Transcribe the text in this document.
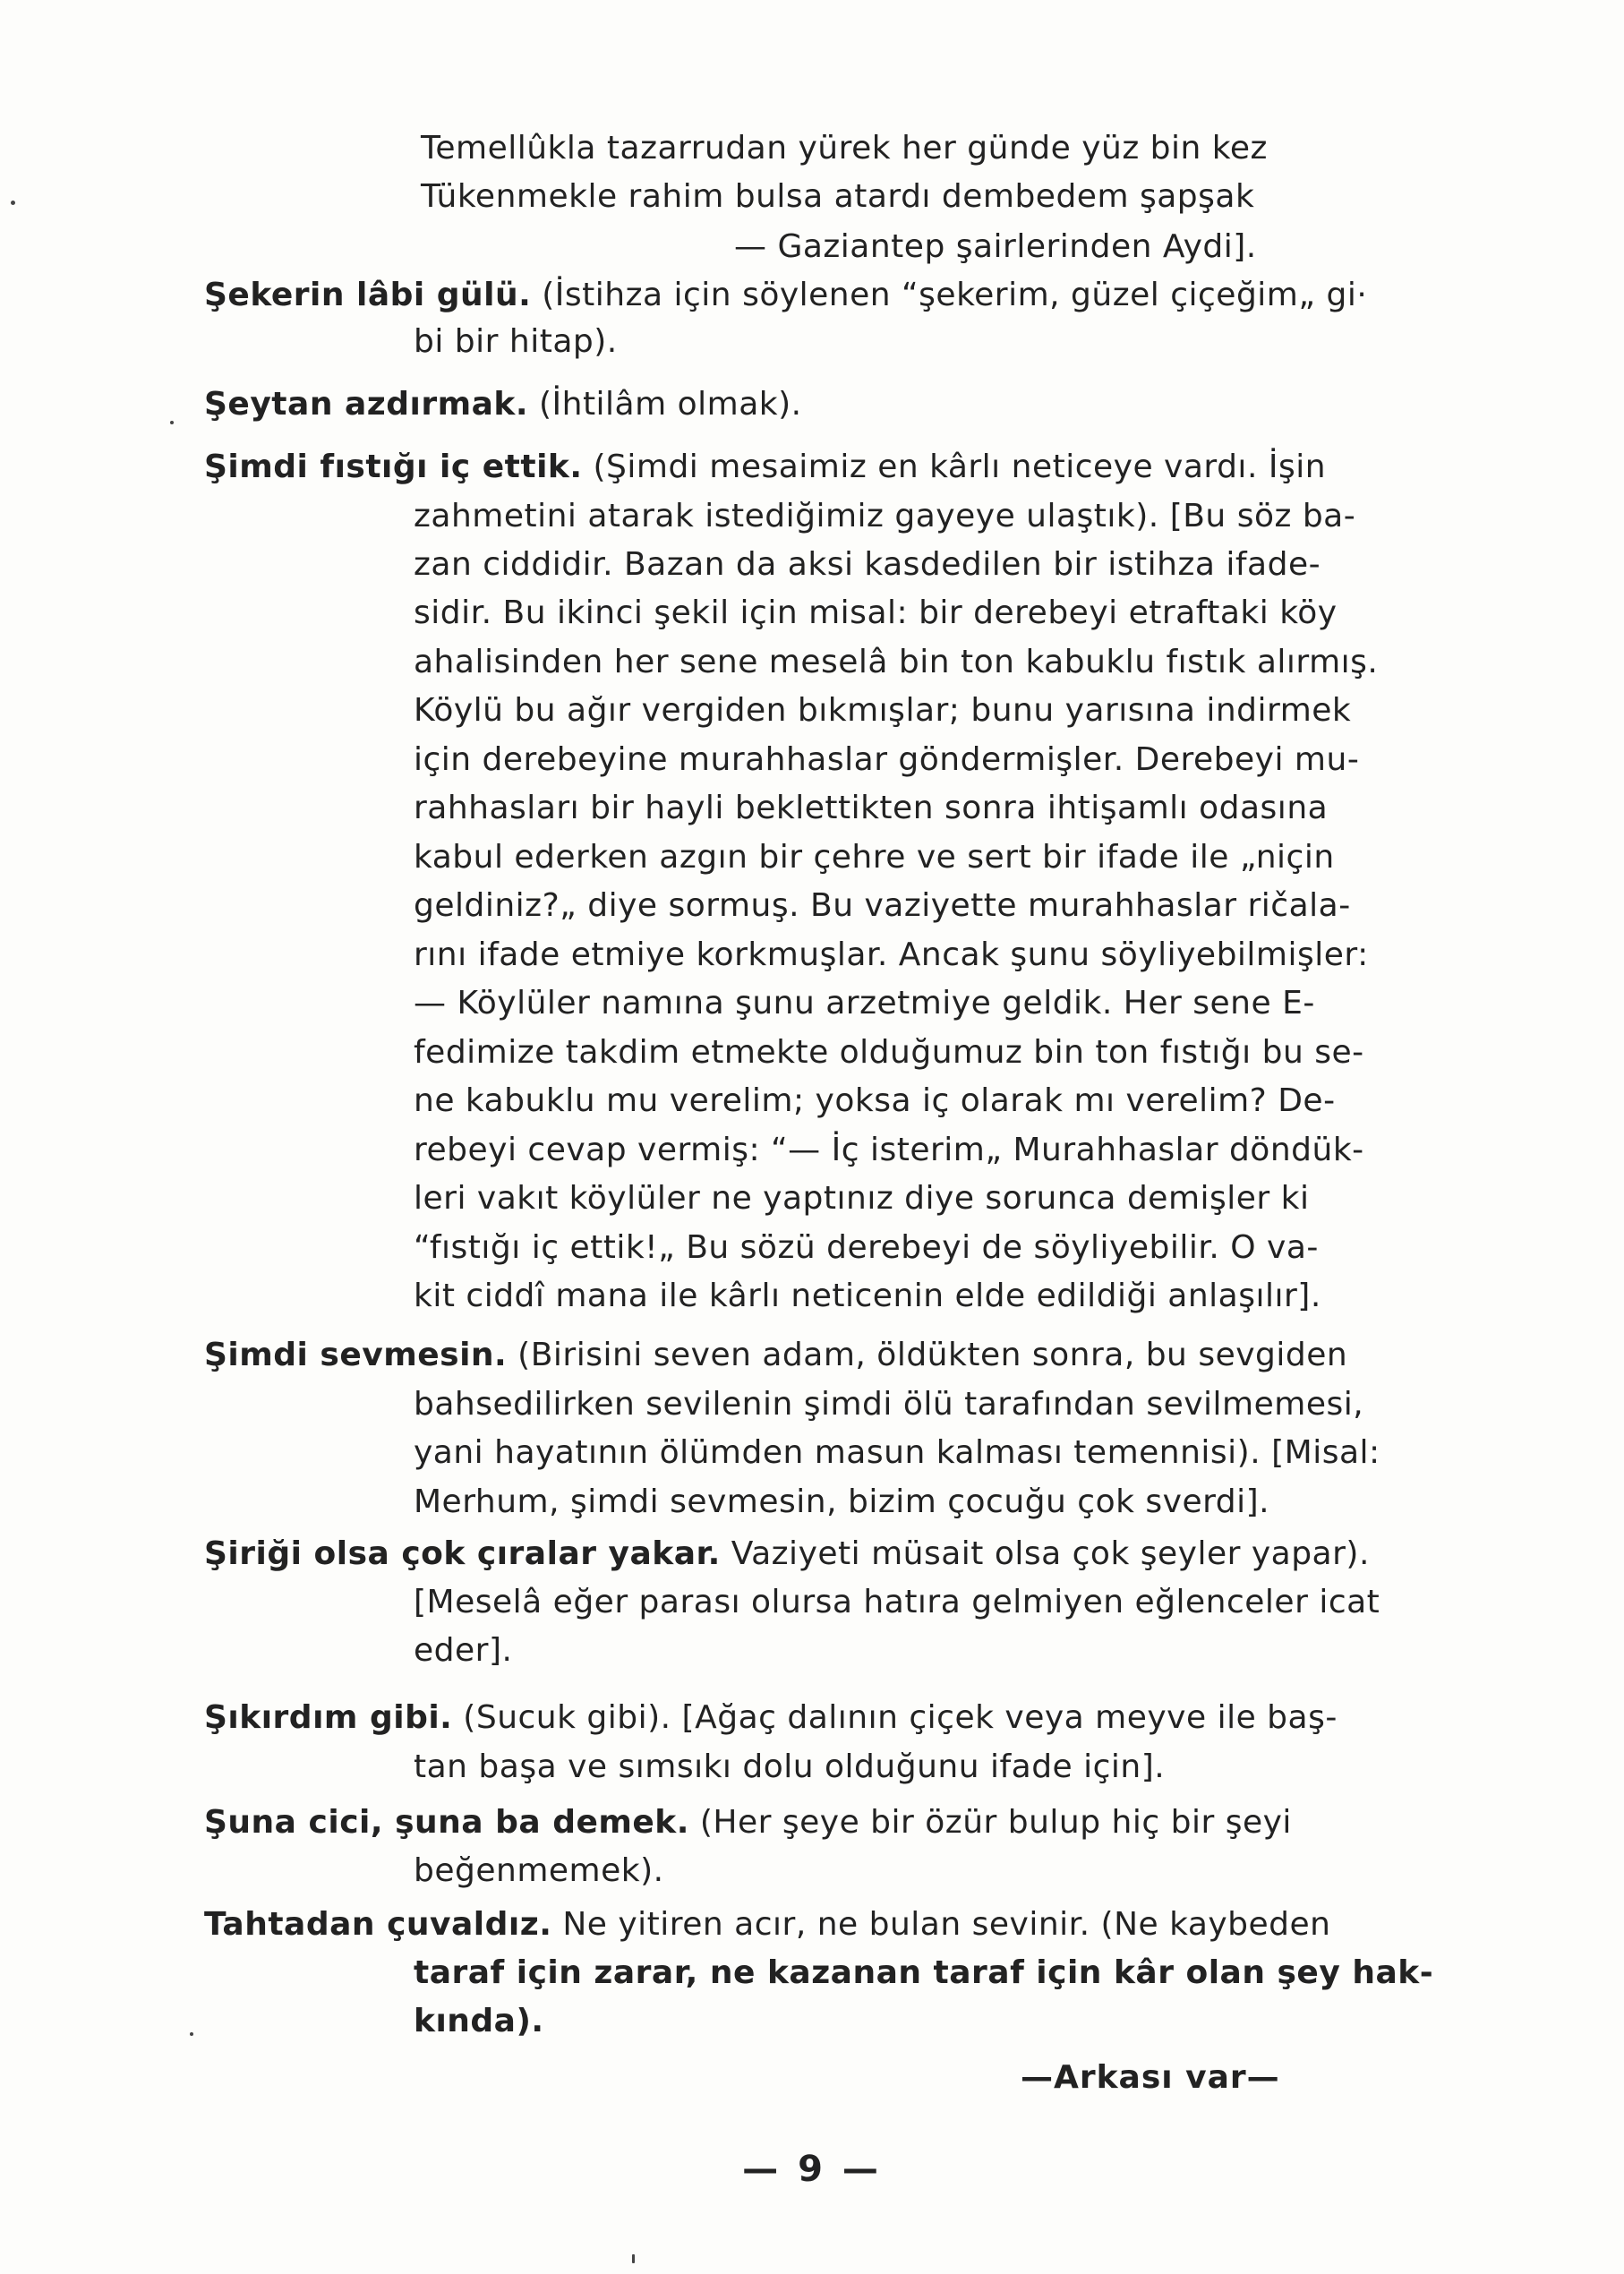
Temellûkla tazarrudan yürek her günde yüz bin kez
Tükenmekle rahim bulsa atardı dembedem şapşak
— Gaziantep şairlerinden Aydi].
Şekerin lâbi gülü. (İstihza için söylenen “şekerim, güzel çiçeğim„ gi·
bi bir hitap).
Şeytan azdırmak. (İhtilâm olmak).
Şimdi fıstığı iç ettik. (Şimdi mesaimiz en kârlı neticeye vardı. İşin
zahmetini atarak istediğimiz gayeye ulaştık). [Bu söz ba-
zan ciddidir. Bazan da aksi kasdedilen bir istihza ifade-
sidir. Bu ikinci şekil için misal: bir derebeyi etraftaki köy
ahalisinden her sene meselâ bin ton kabuklu fıstık alırmış.
Köylü bu ağır vergiden bıkmışlar; bunu yarısına indirmek
için derebeyine murahhaslar göndermişler. Derebeyi mu-
rahhasları bir hayli beklettikten sonra ihtişamlı odasına
kabul ederken azgın bir çehre ve sert bir ifade ile „niçin
geldiniz?„ diye sormuş. Bu vaziyette murahhaslar ričala-
rını ifade etmiye korkmuşlar. Ancak şunu söyliyebilmişler:
— Köylüler namına şunu arzetmiye geldik. Her sene E-
fedimize takdim etmekte olduğumuz bin ton fıstığı bu se-
ne kabuklu mu verelim; yoksa iç olarak mı verelim? De-
rebeyi cevap vermiş: “— İç isterim„ Murahhaslar döndük-
leri vakıt köylüler ne yaptınız diye sorunca demişler ki
“fıstığı iç ettik!„ Bu sözü derebeyi de söyliyebilir. O va-
kit ciddî mana ile kârlı neticenin elde edildiği anlaşılır].
Şimdi sevmesin. (Birisini seven adam, öldükten sonra, bu sevgiden
bahsedilirken sevilenin şimdi ölü tarafından sevilmemesi,
yani hayatının ölümden masun kalması temennisi). [Misal:
Merhum, şimdi sevmesin, bizim çocuğu çok sverdi].
Şiriği olsa çok çıralar yakar. Vaziyeti müsait olsa çok şeyler yapar).
[Meselâ eğer parası olursa hatıra gelmiyen eğlenceler icat
eder].
Şıkırdım gibi. (Sucuk gibi). [Ağaç dalının çiçek veya meyve ile baş-
tan başa ve sımsıkı dolu olduğunu ifade için].
Şuna cici, şuna ba demek. (Her şeye bir özür bulup hiç bir şeyi
beğenmemek).
Tahtadan çuvaldız. Ne yitiren acır, ne bulan sevinir. (Ne kaybeden
taraf için zarar, ne kazanan taraf için kâr olan şey hak-
kında).
—Arkası var—
— 9 —
